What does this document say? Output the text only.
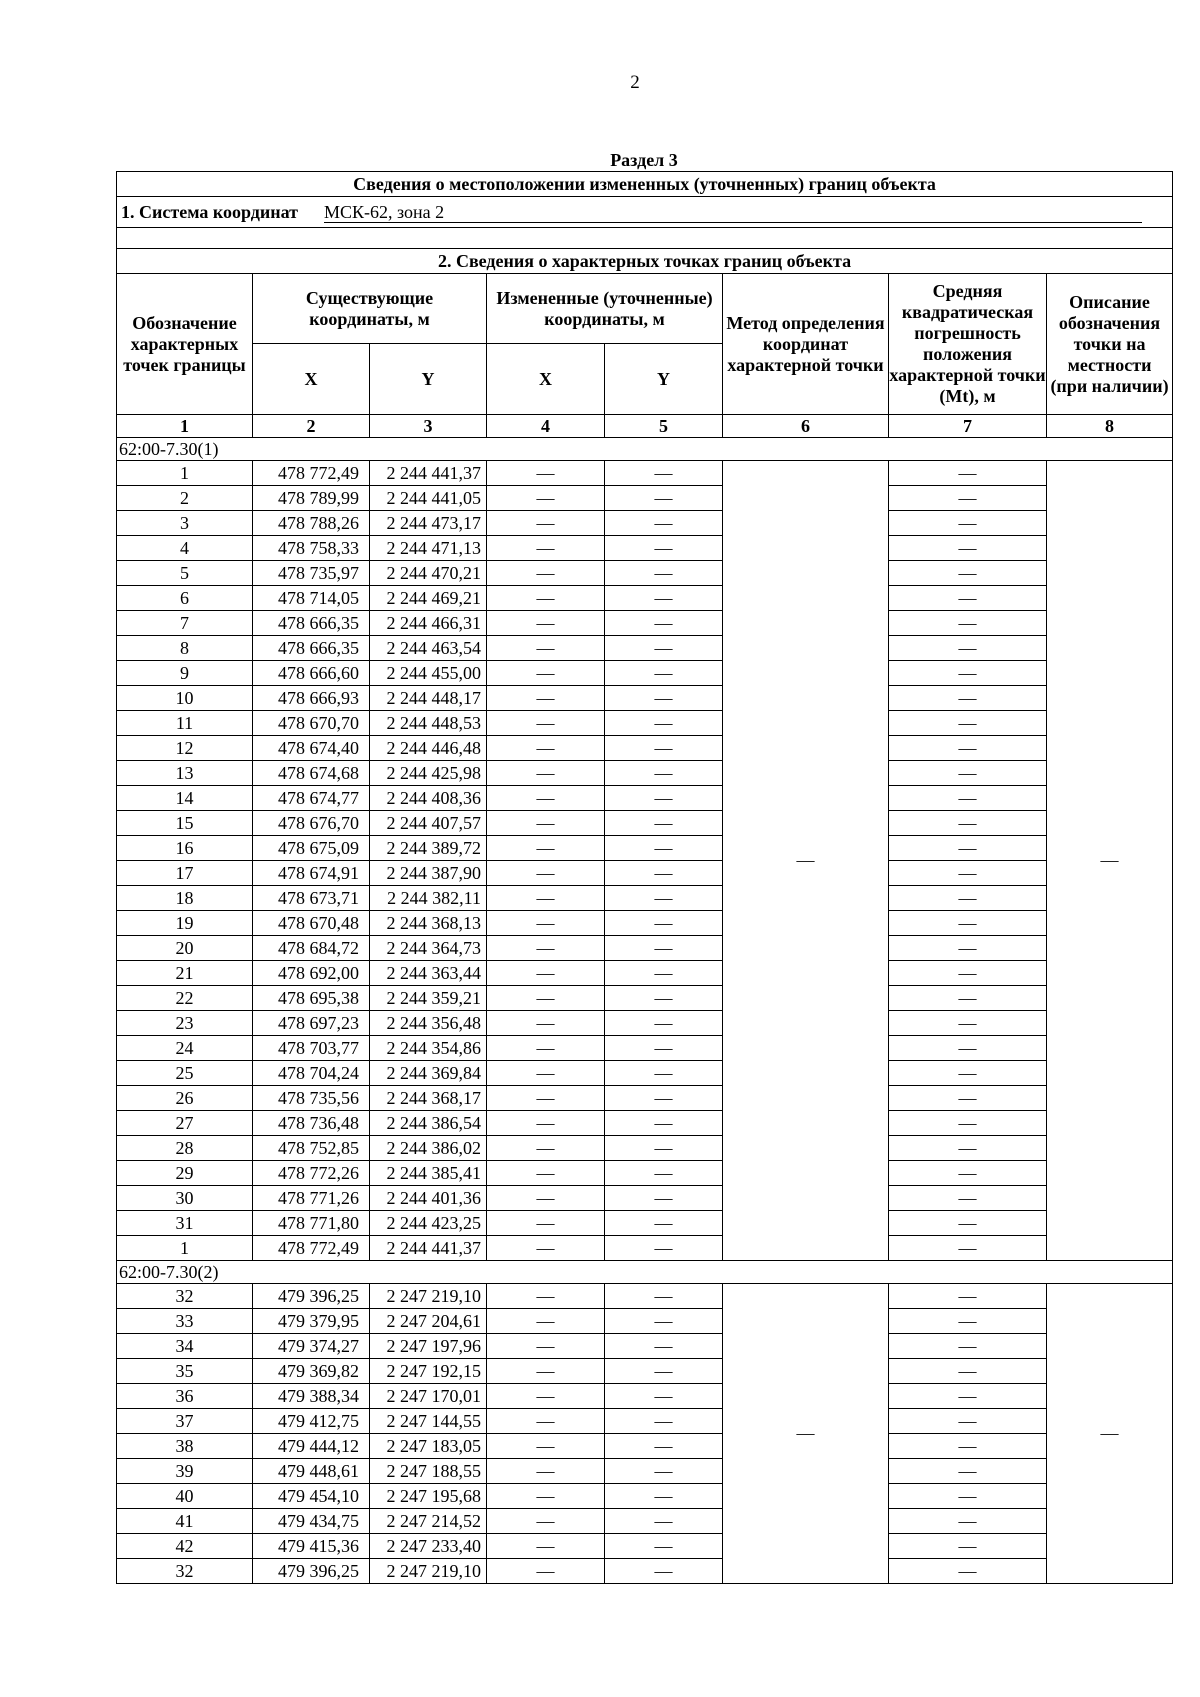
2
Раздел 3
Сведения о местоположении измененных (уточненных) границ объекта							
1. Система координат МСК-62, зона 2							

2. Сведения о характерных точках границ объекта							
Обозначение характерных точек границы	Существующие координаты, м		Измененные (уточненные) координаты, м		Метод определения координат характерной точки	Средняя квадратическая погрешность положения характерной точки (Mt), м	Описание обозначения точки на местности (при наличии)
	X	Y	X	Y			
1	2	3	4	5	6	7	8
62:00-7.30(1)							
1	478 772,49	2 244 441,37	—	—	—	—	—
2	478 789,99	2 244 441,05	—	—		—	
3	478 788,26	2 244 473,17	—	—		—	
4	478 758,33	2 244 471,13	—	—		—	
5	478 735,97	2 244 470,21	—	—		—	
6	478 714,05	2 244 469,21	—	—		—	
7	478 666,35	2 244 466,31	—	—		—	
8	478 666,35	2 244 463,54	—	—		—	
9	478 666,60	2 244 455,00	—	—		—	
10	478 666,93	2 244 448,17	—	—		—	
11	478 670,70	2 244 448,53	—	—		—	
12	478 674,40	2 244 446,48	—	—		—	
13	478 674,68	2 244 425,98	—	—		—	
14	478 674,77	2 244 408,36	—	—		—	
15	478 676,70	2 244 407,57	—	—		—	
16	478 675,09	2 244 389,72	—	—		—	
17	478 674,91	2 244 387,90	—	—		—	
18	478 673,71	2 244 382,11	—	—		—	
19	478 670,48	2 244 368,13	—	—		—	
20	478 684,72	2 244 364,73	—	—		—	
21	478 692,00	2 244 363,44	—	—		—	
22	478 695,38	2 244 359,21	—	—		—	
23	478 697,23	2 244 356,48	—	—		—	
24	478 703,77	2 244 354,86	—	—		—	
25	478 704,24	2 244 369,84	—	—		—	
26	478 735,56	2 244 368,17	—	—		—	
27	478 736,48	2 244 386,54	—	—		—	
28	478 752,85	2 244 386,02	—	—		—	
29	478 772,26	2 244 385,41	—	—		—	
30	478 771,26	2 244 401,36	—	—		—	
31	478 771,80	2 244 423,25	—	—		—	
1	478 772,49	2 244 441,37	—	—		—	
62:00-7.30(2)							
32	479 396,25	2 247 219,10	—	—	—	—	—
33	479 379,95	2 247 204,61	—	—		—	
34	479 374,27	2 247 197,96	—	—		—	
35	479 369,82	2 247 192,15	—	—		—	
36	479 388,34	2 247 170,01	—	—		—	
37	479 412,75	2 247 144,55	—	—		—	
38	479 444,12	2 247 183,05	—	—		—	
39	479 448,61	2 247 188,55	—	—		—	
40	479 454,10	2 247 195,68	—	—		—	
41	479 434,75	2 247 214,52	—	—		—	
42	479 415,36	2 247 233,40	—	—		—	
32	479 396,25	2 247 219,10	—	—		—	
